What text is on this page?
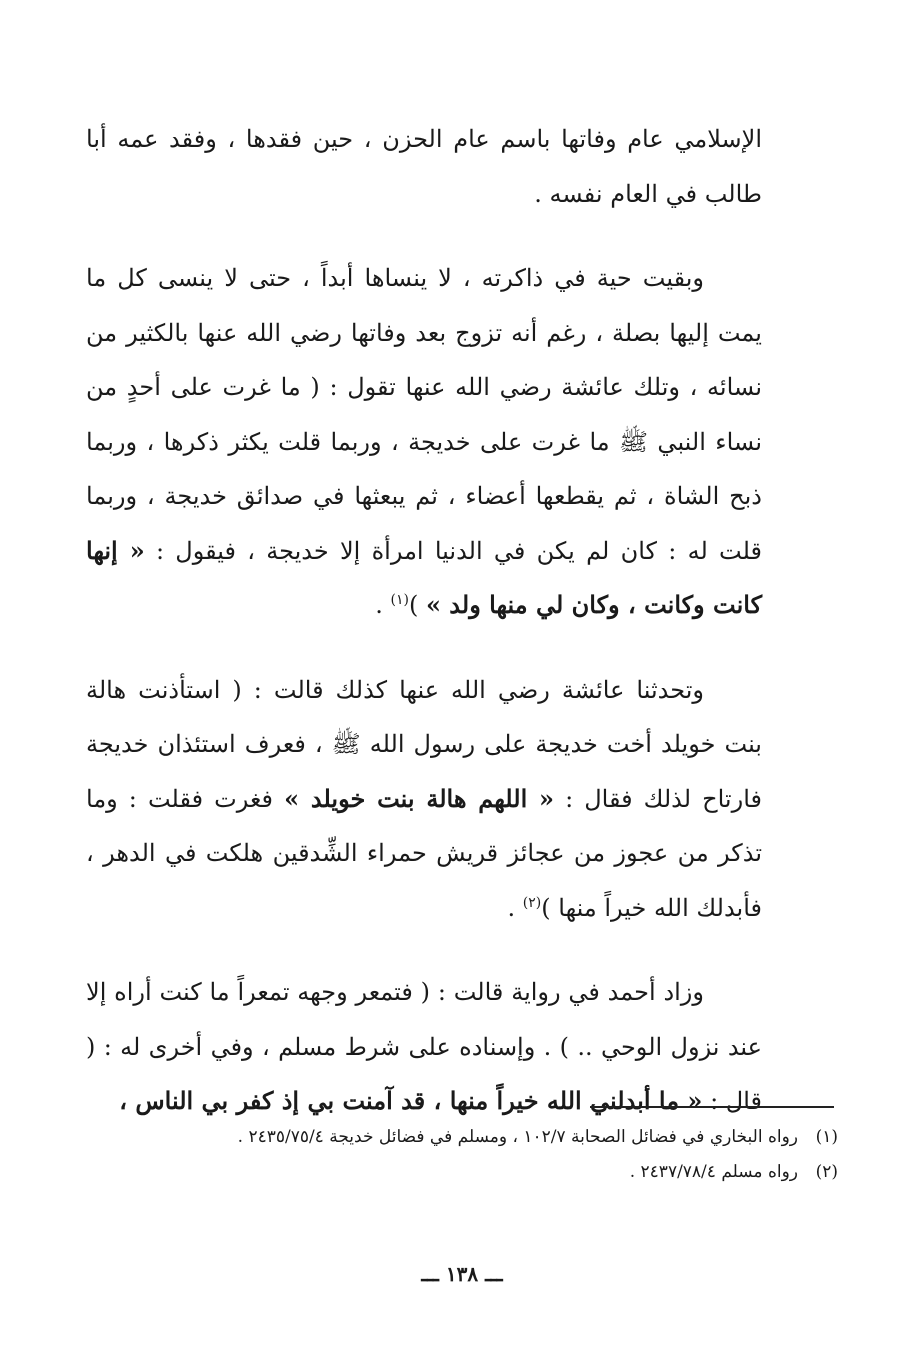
الإسلامي عام وفاتها باسم عام الحزن ، حين فقدها ، وفقد عمه أبا طالب في العام نفسه .

وبقيت حية في ذاكرته ، لا ينساها أبداً ، حتى لا ينسى كل ما يمت إليها بصلة ، رغم أنه تزوج بعد وفاتها رضي الله عنها بالكثير من نسائه ، وتلك عائشة رضي الله عنها تقول : ( ما غرت على أحدٍ من نساء النبي ﷺ ما غرت على خديجة ، وربما قلت يكثر ذكرها ، وربما ذبح الشاة ، ثم يقطعها أعضاء ، ثم يبعثها في صدائق خديجة ، وربما قلت له : كان لم يكن في الدنيا امرأة إلا خديجة ، فيقول : « إنها كانت وكانت ، وكان لي منها ولد » )$^{(١)}$ .

وتحدثنا عائشة رضي الله عنها كذلك قالت : ( استأذنت هالة بنت خويلد أخت خديجة على رسول الله ﷺ ، فعرف استئذان خديجة فارتاح لذلك فقال : « اللهم هالة بنت خويلد » فغرت فقلت : وما تذكر من عجوز من عجائز قريش حمراء الشِّدقين هلكت في الدهر ، فأبدلك الله خيراً منها )$^{(٢)}$ .

وزاد أحمد في رواية قالت : ( فتمعر وجهه تمعراً ما كنت أراه إلا عند نزول الوحي .. ) . وإسناده على شرط مسلم ، وفي أخرى له : ( قال : « ما أبدلني الله خيراً منها ، قد آمنت بي إذ كفر بي الناس ،

(١)رواه البخاري في فضائل الصحابة ١٠٢/٧ ، ومسلم في فضائل خديجة ٢٤٣٥/٧٥/٤ .

(٢)رواه مسلم ٢٤٣٧/٧٨/٤ .

ـــ ١٣٨ ـــ
